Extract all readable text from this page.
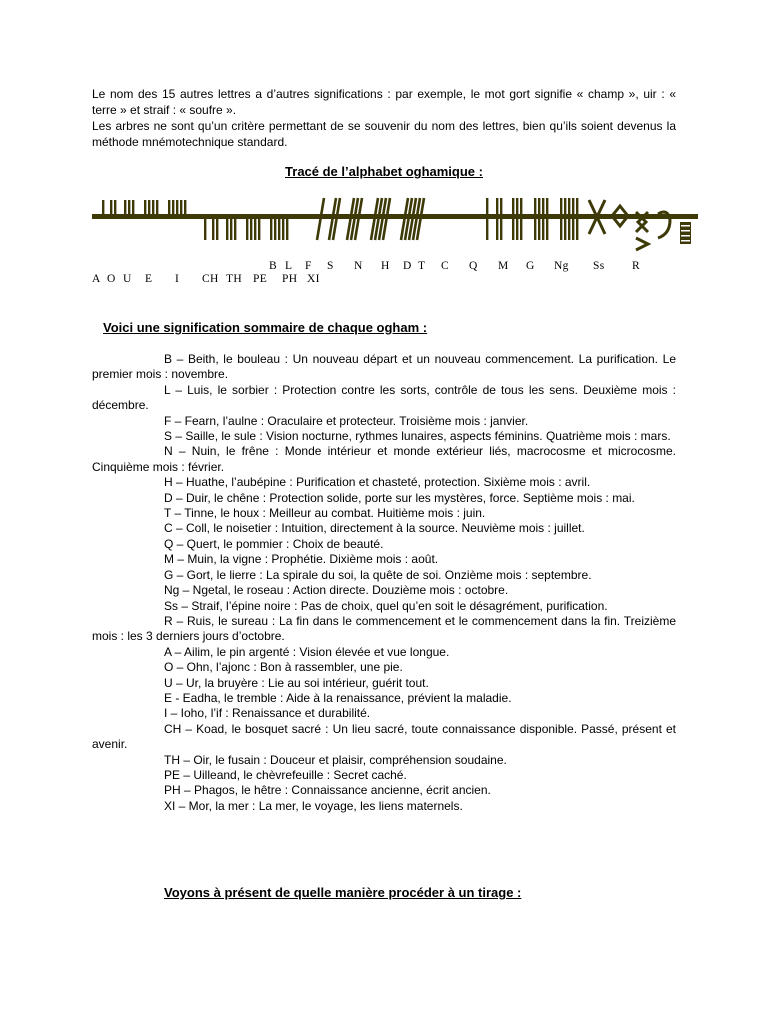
Le nom des 15 autres lettres a d’autres significations : par exemple, le mot gort signifie « champ », uir : « terre » et straif : « soufre ».

Les arbres ne sont qu’un critère permettant de se souvenir du nom des lettres, bien qu’ils soient devenus la méthode mnémotechnique standard.

Tracé de l’alphabet oghamique :
B L F S N H D T C Q M G Ng Ss R
A O U E I CH TH PE PH XI
Voici une signification sommaire de chaque ogham :

B – Beith, le bouleau : Un nouveau départ et un nouveau commencement. La purification. Le premier mois : novembre.

L – Luis, le sorbier : Protection contre les sorts, contrôle de tous les sens. Deuxième mois : décembre.

F – Fearn, l’aulne : Oraculaire et protecteur. Troisième mois : janvier.

S – Saille, le sule : Vision nocturne, rythmes lunaires, aspects féminins. Quatrième mois : mars.

N – Nuin, le frêne : Monde intérieur et monde extérieur liés, macrocosme et microcosme. Cinquième mois : février.

H – Huathe, l’aubépine : Purification et chasteté, protection. Sixième mois : avril.

D – Duir, le chêne : Protection solide, porte sur les mystères, force. Septième mois : mai.

T – Tinne, le houx : Meilleur au combat. Huitième mois : juin.

C – Coll, le noisetier : Intuition, directement à la source. Neuvième mois : juillet.

Q – Quert, le pommier : Choix de beauté.

M – Muin, la vigne : Prophétie. Dixième mois : août.

G – Gort, le lierre : La spirale du soi, la quête de soi. Onzième mois : septembre.

Ng – Ngetal, le roseau : Action directe. Douzième mois : octobre.

Ss – Straif, l’épine noire : Pas de choix, quel qu’en soit le désagrément, purification.

R – Ruis, le sureau : La fin dans le commencement et le commencement dans la fin. Treizième mois : les 3 derniers jours d’octobre.

A – Ailim, le pin argenté : Vision élevée et vue longue.

O – Ohn, l’ajonc : Bon à rassembler, une pie.

U – Ur, la bruyère : Lie au soi intérieur, guérit tout.

E - Eadha, le tremble : Aide à la renaissance, prévient la maladie.

I – Ioho, l’if : Renaissance et durabilité.

CH – Koad, le bosquet sacré : Un lieu sacré, toute connaissance disponible. Passé, présent et avenir.

TH – Oir, le fusain : Douceur et plaisir, compréhension soudaine.

PE – Uilleand, le chèvrefeuille : Secret caché.

PH – Phagos, le hêtre : Connaissance ancienne, écrit ancien.

XI – Mor, la mer : La mer, le voyage, les liens maternels.

Voyons à présent de quelle manière procéder à un tirage :
